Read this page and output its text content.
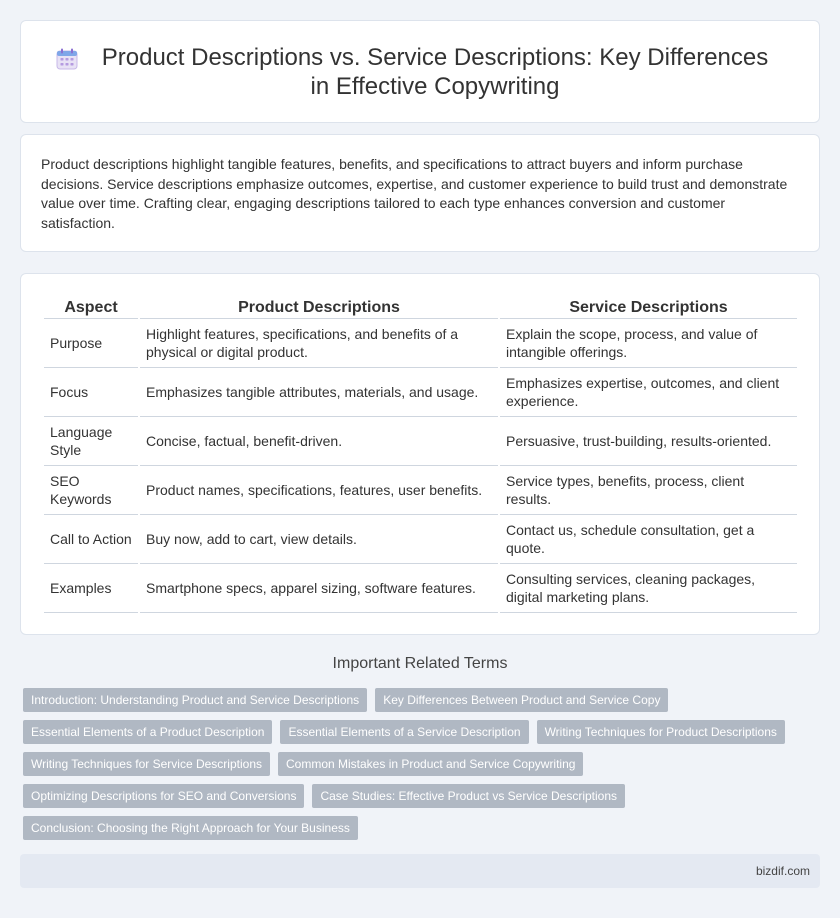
Product Descriptions vs. Service Descriptions: Key Differences in Effective Copywriting

Product descriptions highlight tangible features, benefits, and specifications to attract buyers and inform purchase decisions. Service descriptions emphasize outcomes, expertise, and customer experience to build trust and demonstrate value over time. Crafting clear, engaging descriptions tailored to each type enhances conversion and customer satisfaction.

Aspect	Product Descriptions	Service Descriptions
Purpose	Highlight features, specifications, and benefits of a physical or digital product.	Explain the scope, process, and value of intangible offerings.
Focus	Emphasizes tangible attributes, materials, and usage.	Emphasizes expertise, outcomes, and client experience.
Language Style	Concise, factual, benefit-driven.	Persuasive, trust-building, results-oriented.
SEO Keywords	Product names, specifications, features, user benefits.	Service types, benefits, process, client results.
Call to Action	Buy now, add to cart, view details.	Contact us, schedule consultation, get a quote.
Examples	Smartphone specs, apparel sizing, software features.	Consulting services, cleaning packages, digital marketing plans.
Important Related Terms
Introduction: Understanding Product and Service Descriptions	Key Differences Between Product and Service Copy
Essential Elements of a Product Description	Essential Elements of a Service Description	Writing Techniques for Product Descriptions
Writing Techniques for Service Descriptions	Common Mistakes in Product and Service Copywriting
Optimizing Descriptions for SEO and Conversions	Case Studies: Effective Product vs Service Descriptions
Conclusion: Choosing the Right Approach for Your Business
bizdif.com
